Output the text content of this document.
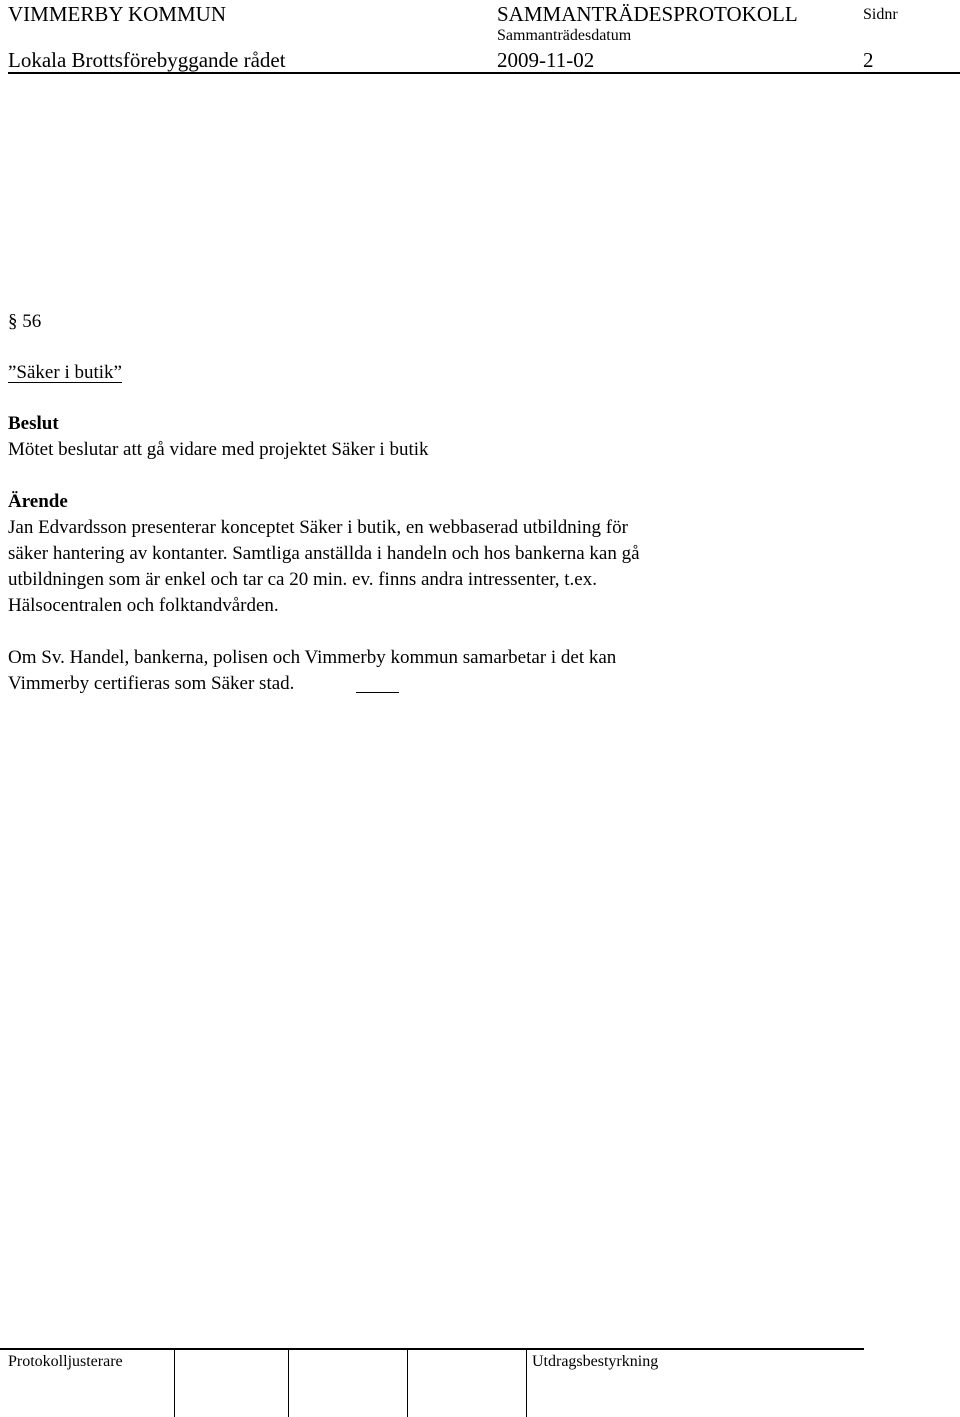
VIMMERBY KOMMUN	SAMMANTRÄDESPROTOKOLL	Sidnr
Sammanträdesdatum
Lokala Brottsförebyggande rådet	2009-11-02	2
§ 56
”Säker i butik”
Beslut
Mötet beslutar att gå vidare med projektet Säker i butik
Ärende
Jan Edvardsson presenterar konceptet Säker i butik, en webbaserad utbildning för
säker hantering av kontanter. Samtliga anställda i handeln och hos bankerna kan gå
utbildningen som är enkel och tar ca 20 min. ev. finns andra intressenter, t.ex.
Hälsocentralen och folktandvården.
Om Sv. Handel, bankerna, polisen och Vimmerby kommun samarbetar i det kan
Vimmerby certifieras som Säker stad.
Protokolljusterare	Utdragsbestyrkning
